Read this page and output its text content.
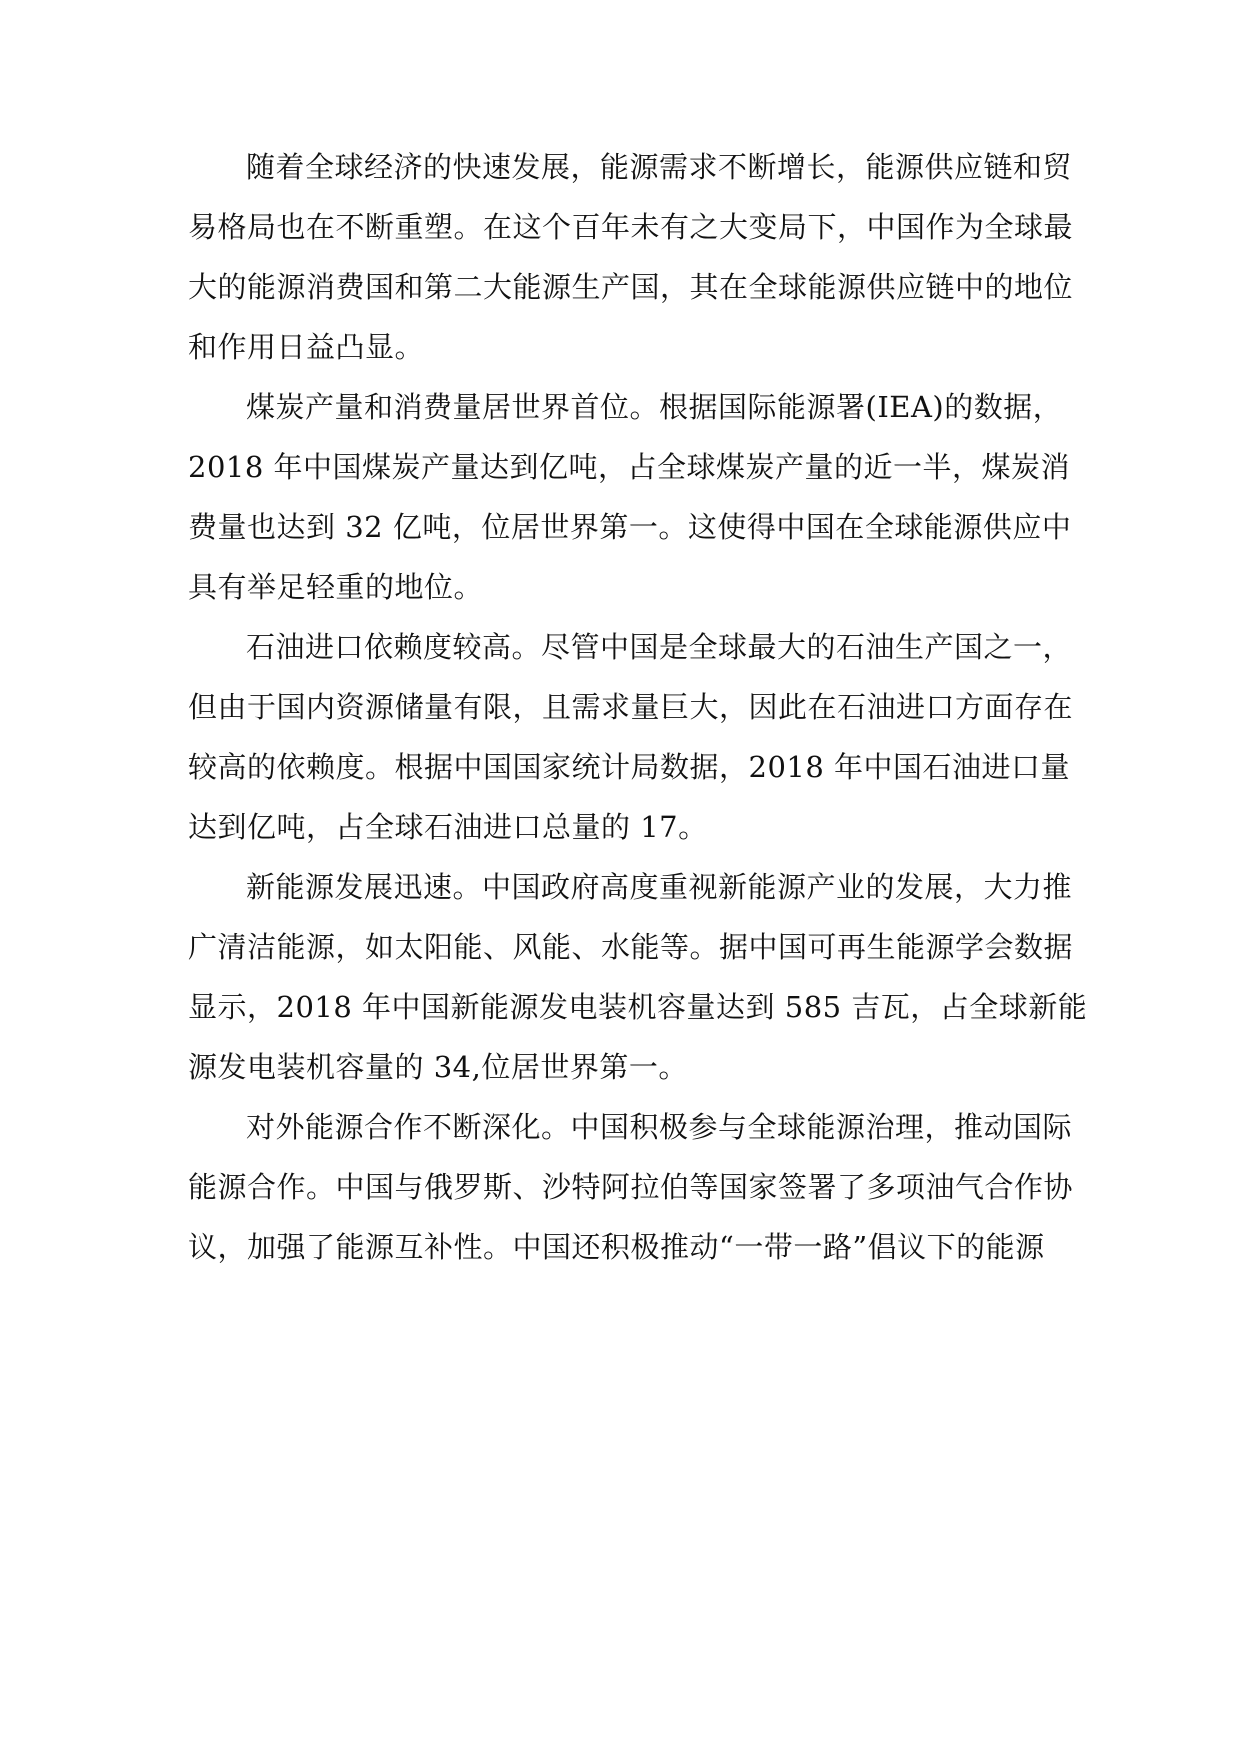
随着全球经济的快速发展，能源需求不断增长，能源供应链和贸
易格局也在不断重塑。在这个百年未有之大变局下，中国作为全球最
大的能源消费国和第二大能源生产国，其在全球能源供应链中的地位
和作用日益凸显。
煤炭产量和消费量居世界首位。根据国际能源署(IEA)的数据，
2018 年中国煤炭产量达到亿吨，占全球煤炭产量的近一半，煤炭消
费量也达到 32 亿吨，位居世界第一。这使得中国在全球能源供应中
具有举足轻重的地位。
石油进口依赖度较高。尽管中国是全球最大的石油生产国之一，
但由于国内资源储量有限，且需求量巨大，因此在石油进口方面存在
较高的依赖度。根据中国国家统计局数据，2018 年中国石油进口量
达到亿吨，占全球石油进口总量的 17。
新能源发展迅速。中国政府高度重视新能源产业的发展，大力推
广清洁能源，如太阳能、风能、水能等。据中国可再生能源学会数据
显示，2018 年中国新能源发电装机容量达到 585 吉瓦，占全球新能
源发电装机容量的 34,位居世界第一。
对外能源合作不断深化。中国积极参与全球能源治理，推动国际
能源合作。中国与俄罗斯、沙特阿拉伯等国家签署了多项油气合作协
议，加强了能源互补性。中国还积极推动“一带一路”倡议下的能源
